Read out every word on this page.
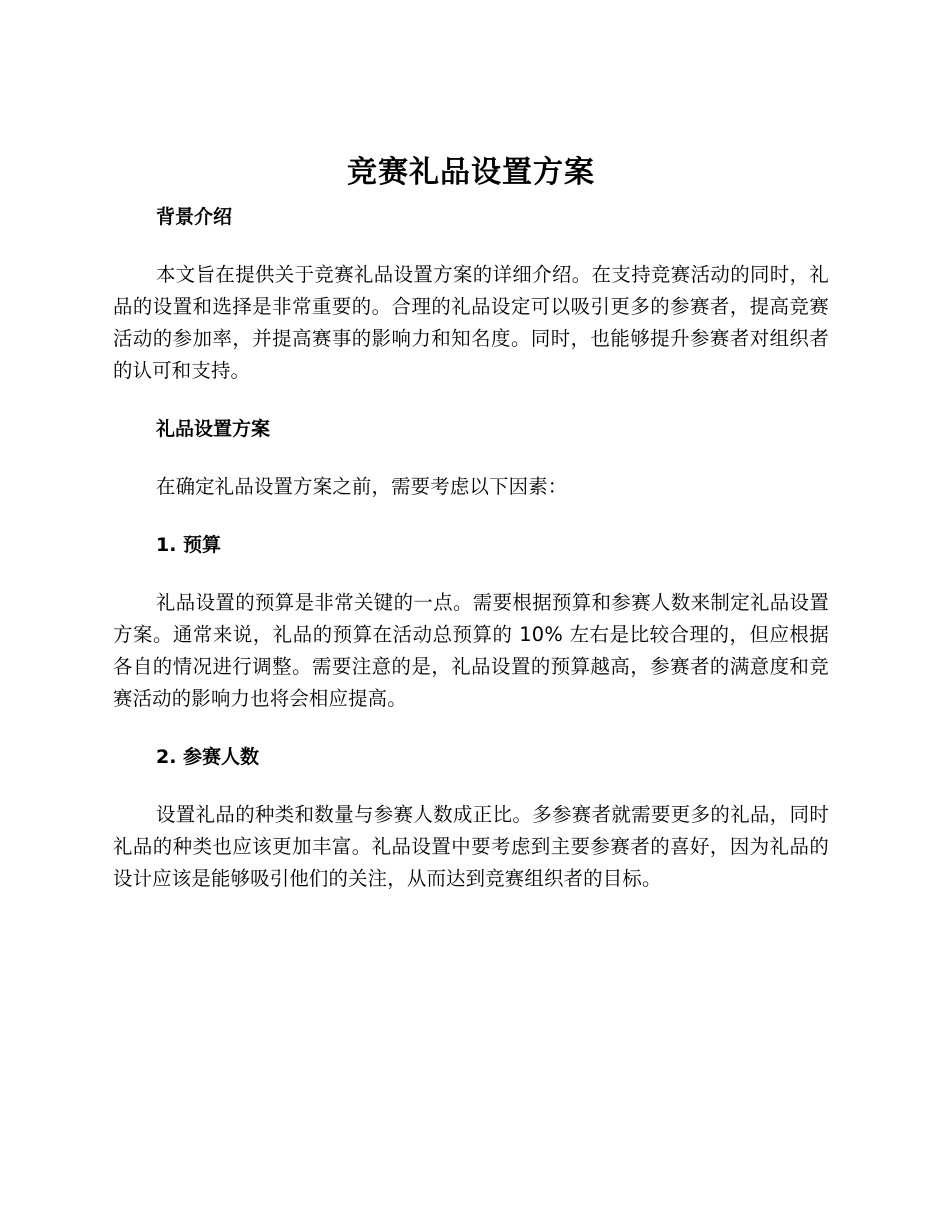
竞赛礼品设置方案
背景介绍

本文旨在提供关于竞赛礼品设置方案的详细介绍。在支持竞赛活动的同时，礼品的设置和选择是非常重要的。合理的礼品设定可以吸引更多的参赛者，提高竞赛活动的参加率，并提高赛事的影响力和知名度。同时，也能够提升参赛者对组织者的认可和支持。

礼品设置方案

在确定礼品设置方案之前，需要考虑以下因素：

1. 预算

礼品设置的预算是非常关键的一点。需要根据预算和参赛人数来制定礼品设置方案。通常来说，礼品的预算在活动总预算的 10% 左右是比较合理的，但应根据各自的情况进行调整。需要注意的是，礼品设置的预算越高，参赛者的满意度和竞赛活动的影响力也将会相应提高。

2. 参赛人数

设置礼品的种类和数量与参赛人数成正比。多参赛者就需要更多的礼品，同时礼品的种类也应该更加丰富。礼品设置中要考虑到主要参赛者的喜好，因为礼品的设计应该是能够吸引他们的关注，从而达到竞赛组织者的目标。
